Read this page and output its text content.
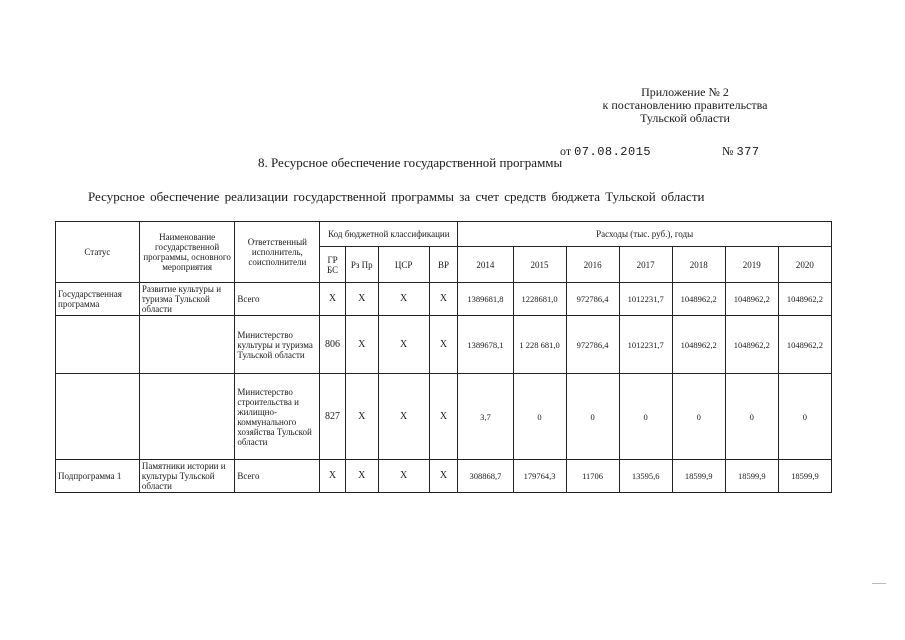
Приложение № 2
к постановлению правительства
Тульской области
от 07.08.2015	№ 377
8. Ресурсное обеспечение государственной программы
Ресурсное обеспечение реализации государственной программы за счет средств бюджета Тульской области
Статус	Наименование государственной программы, основного мероприятия	Ответственный исполнитель, соисполнители	Код бюджетной классификации				Расходы (тыс. руб.), годы						
			ГР БС	Рз Пр	ЦСР	ВР	2014	2015	2016	2017	2018	2019	2020
Государственная программа	Развитие культуры и туризма Тульской области	Всего	Х	Х	Х	Х	1389681,8	1228681,0	972786,4	1012231,7	1048962,2	1048962,2	1048962,2
		Министерство культуры и туризма Тульской области	806	Х	Х	Х	1389678,1	1 228 681,0	972786,4	1012231,7	1048962,2	1048962,2	1048962,2
		Министерство строительства и жилищно-коммунального хозяйства Тульской области	827	Х	Х	Х	3,7	0	0	0	0	0	0
Подпрограмма 1	Памятники истории и культуры Тульской области	Всего	Х	Х	Х	Х	308868,7	179764,3	11706	13595,6	18599,9	18599,9	18599,9
